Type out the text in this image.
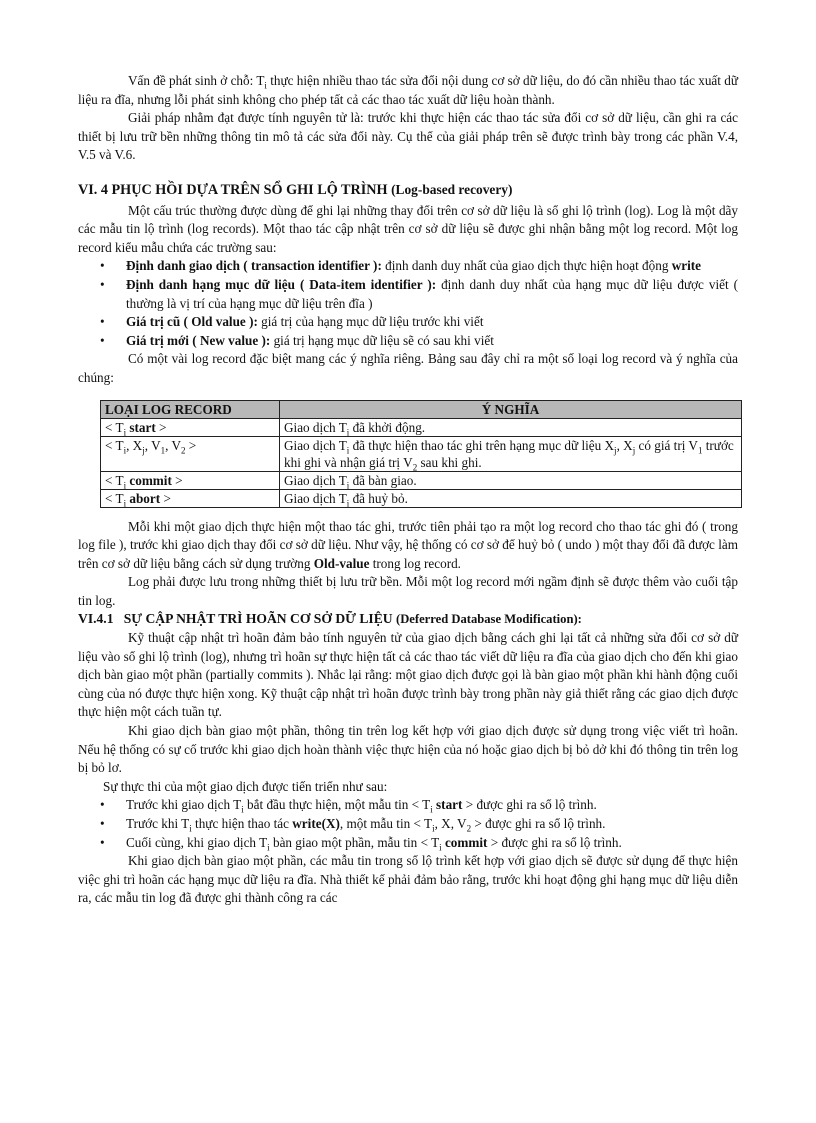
Vấn đề phát sinh ở chỗ: $T_i$ thực hiện nhiều thao tác sửa đổi nội dung cơ sở dữ liệu, do đó cần nhiều thao tác xuất dữ liệu ra đĩa, nhưng lỗi phát sinh không cho phép tất cả các thao tác xuất dữ liệu hoàn thành.

Giải pháp nhằm đạt được tính nguyên tử là: trước khi thực hiện các thao tác sửa đổi cơ sở dữ liệu, cần ghi ra các thiết bị lưu trữ bền những thông tin mô tả các sửa đổi này. Cụ thể của giải pháp trên sẽ được trình bày trong các phần V.4, V.5 và V.6.

VI. 4 PHỤC HỒI DỰA TRÊN SỔ GHI LỘ TRÌNH (Log-based recovery)

Một cấu trúc thường được dùng để ghi lại những thay đổi trên cơ sở dữ liệu là sổ ghi lộ trình (log). Log là một dãy các mẫu tin lộ trình (log records). Một thao tác cập nhật trên cơ sở dữ liệu sẽ được ghi nhận bằng một log record. Một log record kiểu mẫu chứa các trường sau:

• Định danh giao dịch ( transaction identifier ): định danh duy nhất của giao dịch thực hiện hoạt động write
• Định danh hạng mục dữ liệu ( Data-item identifier ): định danh duy nhất của hạng mục dữ liệu được viết ( thường là vị trí của hạng mục dữ liệu trên đĩa )
• Giá trị cũ ( Old value ): giá trị của hạng mục dữ liệu trước khi viết
• Giá trị mới ( New value ): giá trị hạng mục dữ liệu sẽ có sau khi viết

Có một vài log record đặc biệt mang các ý nghĩa riêng. Bảng sau đây chỉ ra một số loại log record và ý nghĩa của chúng:

LOẠI LOG RECORD	Ý NGHĨA
< $T_i$ start >	Giao dịch $T_i$ đã khởi động.
< $T_i$, $X_j$, $V_1$, $V_2$ >	Giao dịch $T_i$ đã thực hiện thao tác ghi trên hạng mục dữ liệu $X_j$, $X_j$ có giá trị $V_1$ trước khi ghi và nhận giá trị $V_2$ sau khi ghi.
< $T_i$ commit >	Giao dịch $T_i$ đã bàn giao.
< $T_i$ abort >	Giao dịch $T_i$ đã huỷ bỏ.

Mỗi khi một giao dịch thực hiện một thao tác ghi, trước tiên phải tạo ra một log record cho thao tác ghi đó ( trong log file ), trước khi giao dịch thay đổi cơ sở dữ liệu. Như vậy, hệ thống có cơ sở để huỷ bỏ ( undo ) một thay đổi đã được làm trên cơ sở dữ liệu bằng cách sử dụng trường Old-value trong log record.

Log phải được lưu trong những thiết bị lưu trữ bền. Mỗi một log record mới ngầm định sẽ được thêm vào cuối tập tin log.

VI.4.1 SỰ CẬP NHẬT TRÌ HOÃN CƠ SỞ DỮ LIỆU (Deferred Database Modification):

Kỹ thuật cập nhật trì hoãn đảm bảo tính nguyên tử của giao dịch bằng cách ghi lại tất cả những sửa đổi cơ sở dữ liệu vào sổ ghi lộ trình (log), nhưng trì hoãn sự thực hiện tất cả các thao tác viết dữ liệu ra đĩa của giao dịch cho đến khi giao dịch bàn giao một phần (partially commits ). Nhắc lại rằng: một giao dịch được gọi là bàn giao một phần khi hành động cuối cùng của nó được thực hiện xong. Kỹ thuật cập nhật trì hoãn được trình bày trong phần này giả thiết rằng các giao dịch được thực hiện một cách tuần tự.

Khi giao dịch bàn giao một phần, thông tin trên log kết hợp với giao dịch được sử dụng trong việc viết trì hoãn. Nếu hệ thống có sự cố trước khi giao dịch hoàn thành việc thực hiện của nó hoặc giao dịch bị bỏ dở khi đó thông tin trên log bị bỏ lơ.

Sự thực thi của một giao dịch được tiến triển như sau:

• Trước khi giao dịch $T_i$ bắt đầu thực hiện, một mẫu tin < $T_i$ start > được ghi ra sổ lộ trình.
• Trước khi $T_i$ thực hiện thao tác write(X), một mẫu tin < $T_i$, X, $V_2$ > được ghi ra sổ lộ trình.
• Cuối cùng, khi giao dịch $T_i$ bàn giao một phần, mẫu tin < $T_i$ commit > được ghi ra sổ lộ trình.

Khi giao dịch bàn giao một phần, các mẫu tin trong sổ lộ trình kết hợp với giao dịch sẽ được sử dụng để thực hiện việc ghi trì hoãn các hạng mục dữ liệu ra đĩa. Nhà thiết kế phải đảm bảo rằng, trước khi hoạt động ghi hạng mục dữ liệu diễn ra, các mẫu tin log đã được ghi thành công ra các
